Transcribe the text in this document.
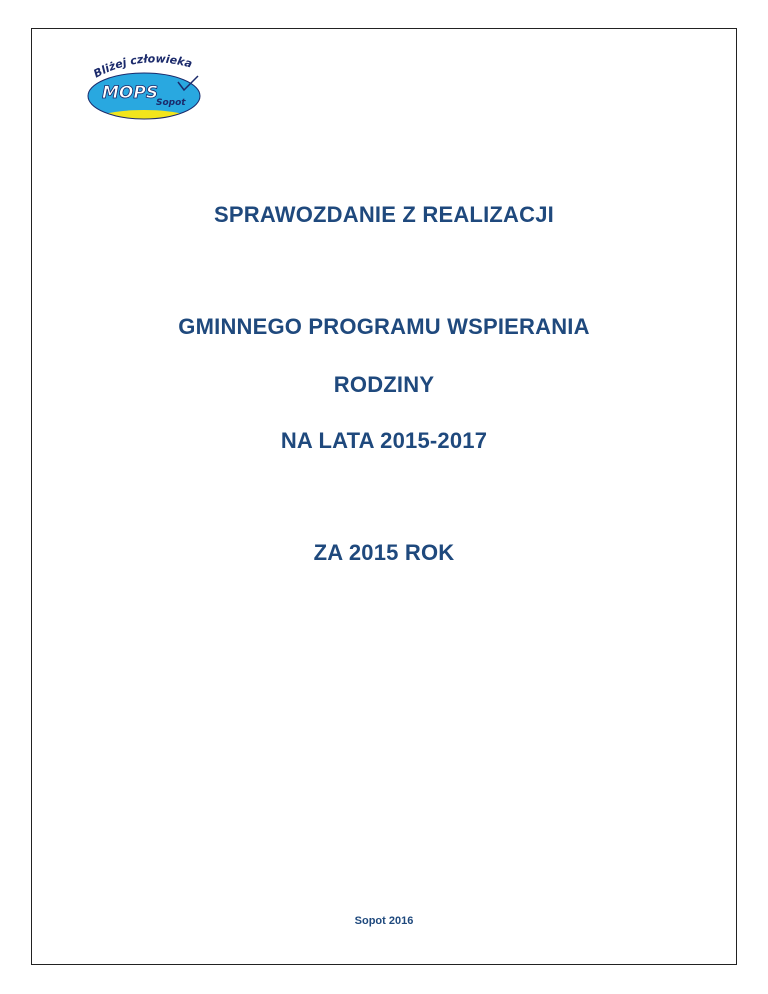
Bliżej człowieka
MOPS
Sopot
SPRAWOZDANIE Z REALIZACJI
GMINNEGO PROGRAMU WSPIERANIA
RODZINY
NA LATA 2015-2017
ZA 2015 ROK
Sopot 2016
